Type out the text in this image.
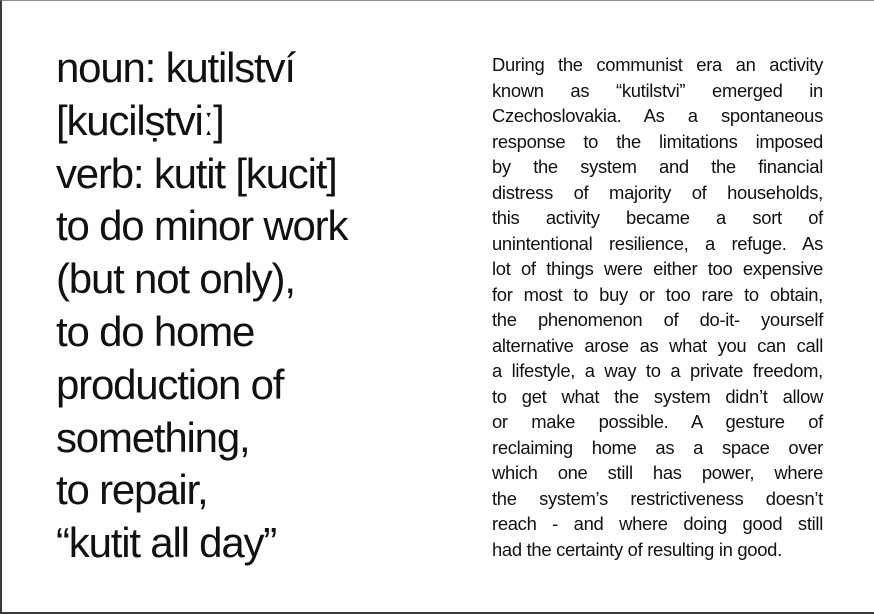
noun: kutilství
[kucilṣtviː]
verb: kutit [kucit]
to do minor work
(but not only),
to do home
production of
something,
to repair,
“kutit all day”
During the communist era an activity
known as “kutilstvi” emerged in
Czechoslovakia. As a spontaneous
response to the limitations imposed
by the system and the financial
distress of majority of households,
this activity became a sort of
unintentional resilience, a refuge. As
lot of things were either too expensive
for most to buy or too rare to obtain,
the phenomenon of do-it- yourself
alternative arose as what you can call
a lifestyle, a way to a private freedom,
to get what the system didn’t allow
or make possible. A gesture of
reclaiming home as a space over
which one still has power, where
the system’s restrictiveness doesn’t
reach - and where doing good still
had the certainty of resulting in good.
